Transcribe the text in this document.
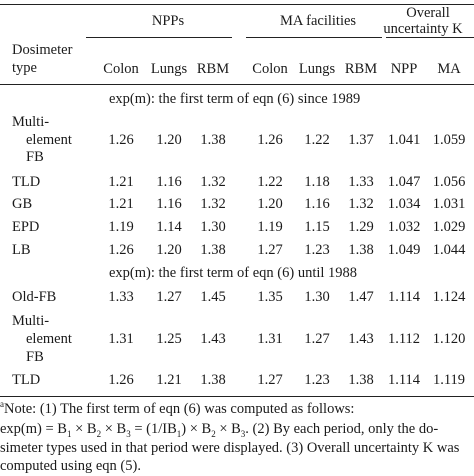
NPPs	MA facilities	Overall
uncertainty K
Dosimeter
type	Colon Lungs RBM Colon Lungs RBM NPP MA
exp(m): the first term of eqn (6) since 1989
Multi-
element
FB
1.26 1.20 1.38 1.26 1.22 1.37 1.041 1.059
TLD	1.21 1.16 1.32 1.22 1.18 1.33 1.047 1.056
GB	1.21 1.16 1.32 1.20 1.16 1.32 1.034 1.031
EPD	1.19 1.14 1.30 1.19 1.15 1.29 1.032 1.029
LB	1.26 1.20 1.38 1.27 1.23 1.38 1.049 1.044
exp(m): the first term of eqn (6) until 1988
Old-FB	1.33 1.27 1.45 1.35 1.30 1.47 1.114 1.124
Multi-
element
FB
1.31 1.25 1.43 1.31 1.27 1.43 1.112 1.120
TLD	1.26 1.21 1.38 1.27 1.23 1.38 1.114 1.119
$^a$Note: (1) The first term of eqn (6) was computed as follows:
$\exp(m) = B_1 \times B_2 \times B_3 = (1/IB_1) \times B_2 \times B_3$. (2) By each period, only the do-
simeter types used in that period were displayed. (3) Overall uncertainty K was
computed using eqn (5).
